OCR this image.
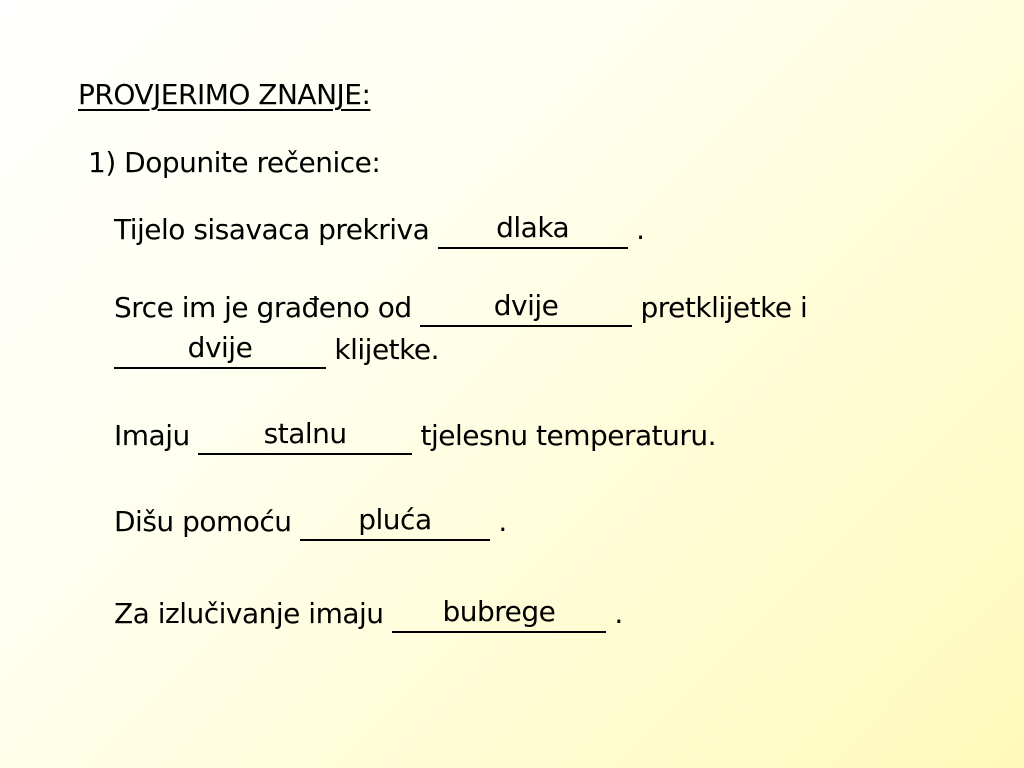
PROVJERIMO ZNANJE:
1) Dopunite rečenice:
Tijelo sisavaca prekriva dlaka .
Srce im je građeno od	dvije	pretklijetke i
dvije	klijetke.
Imaju stalnu tjelesnu temperaturu.
Dišu pomoću pluća .
Za izlučivanje imaju bubrege .
